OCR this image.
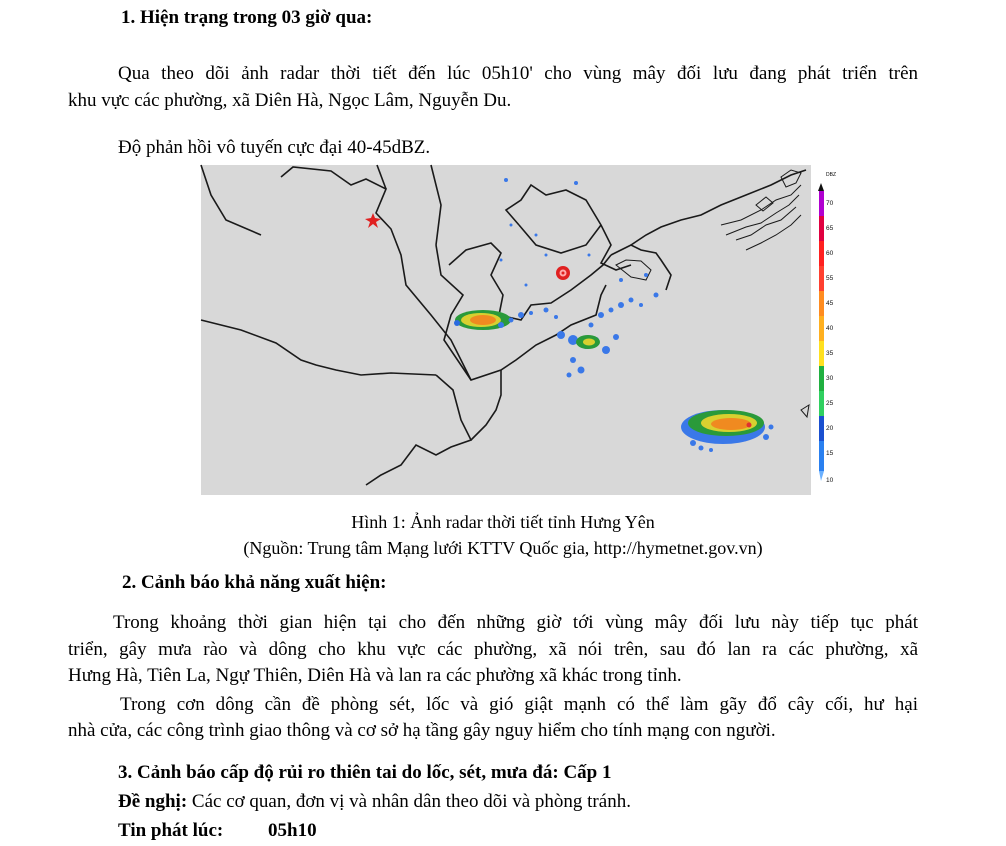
1. Hiện trạng trong 03 giờ qua:
Qua theo dõi ảnh radar thời tiết đến lúc 05h10' cho vùng mây đối lưu đang phát triển trên
khu vực các phường, xã Diên Hà, Ngọc Lâm, Nguyễn Du.
Độ phản hồi vô tuyến cực đại 40-45dBZ.
DBZ
70
65
60
55
45
40
35
30
25
20
15
10
Hình 1: Ảnh radar thời tiết tỉnh Hưng Yên
(Nguồn: Trung tâm Mạng lưới KTTV Quốc gia, http://hymetnet.gov.vn)
2. Cảnh báo khả năng xuất hiện:
Trong khoảng thời gian hiện tại cho đến những giờ tới vùng mây đối lưu này tiếp tục phát
triển, gây mưa rào và dông cho khu vực các phường, xã nói trên, sau đó lan ra các phường, xã
Hưng Hà, Tiên La, Ngự Thiên, Diên Hà và lan ra các phường xã khác trong tỉnh.
Trong cơn dông cần đề phòng sét, lốc và gió giật mạnh có thể làm gãy đổ cây cối, hư hại
nhà cửa, các công trình giao thông và cơ sở hạ tầng gây nguy hiểm cho tính mạng con người.
3. Cảnh báo cấp độ rủi ro thiên tai do lốc, sét, mưa đá: Cấp 1
Đề nghị: Các cơ quan, đơn vị và nhân dân theo dõi và phòng tránh.
Tin phát lúc: 05h10
